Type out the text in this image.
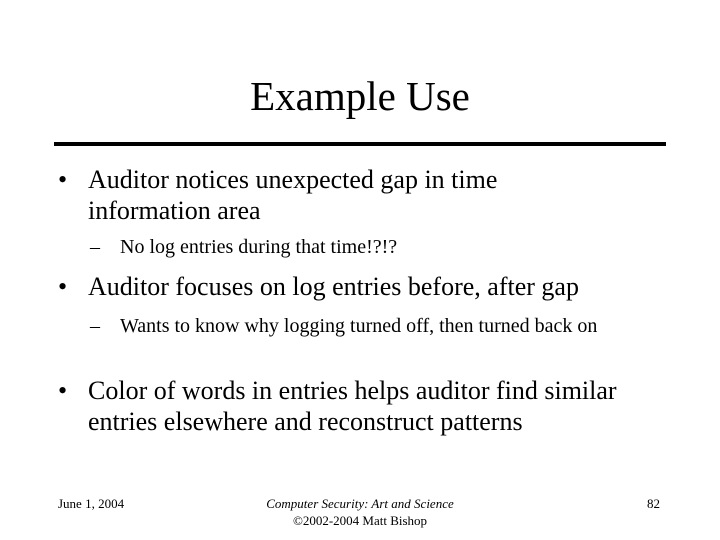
Example Use
• Auditor notices unexpected gap in time information area
– No log entries during that time!?!?
• Auditor focuses on log entries before, after gap
– Wants to know why logging turned off, then turned back on
• Color of words in entries helps auditor find similar entries elsewhere and reconstruct patterns
June 1, 2004	Computer Security: Art and Science
©2002-2004 Matt Bishop
82
